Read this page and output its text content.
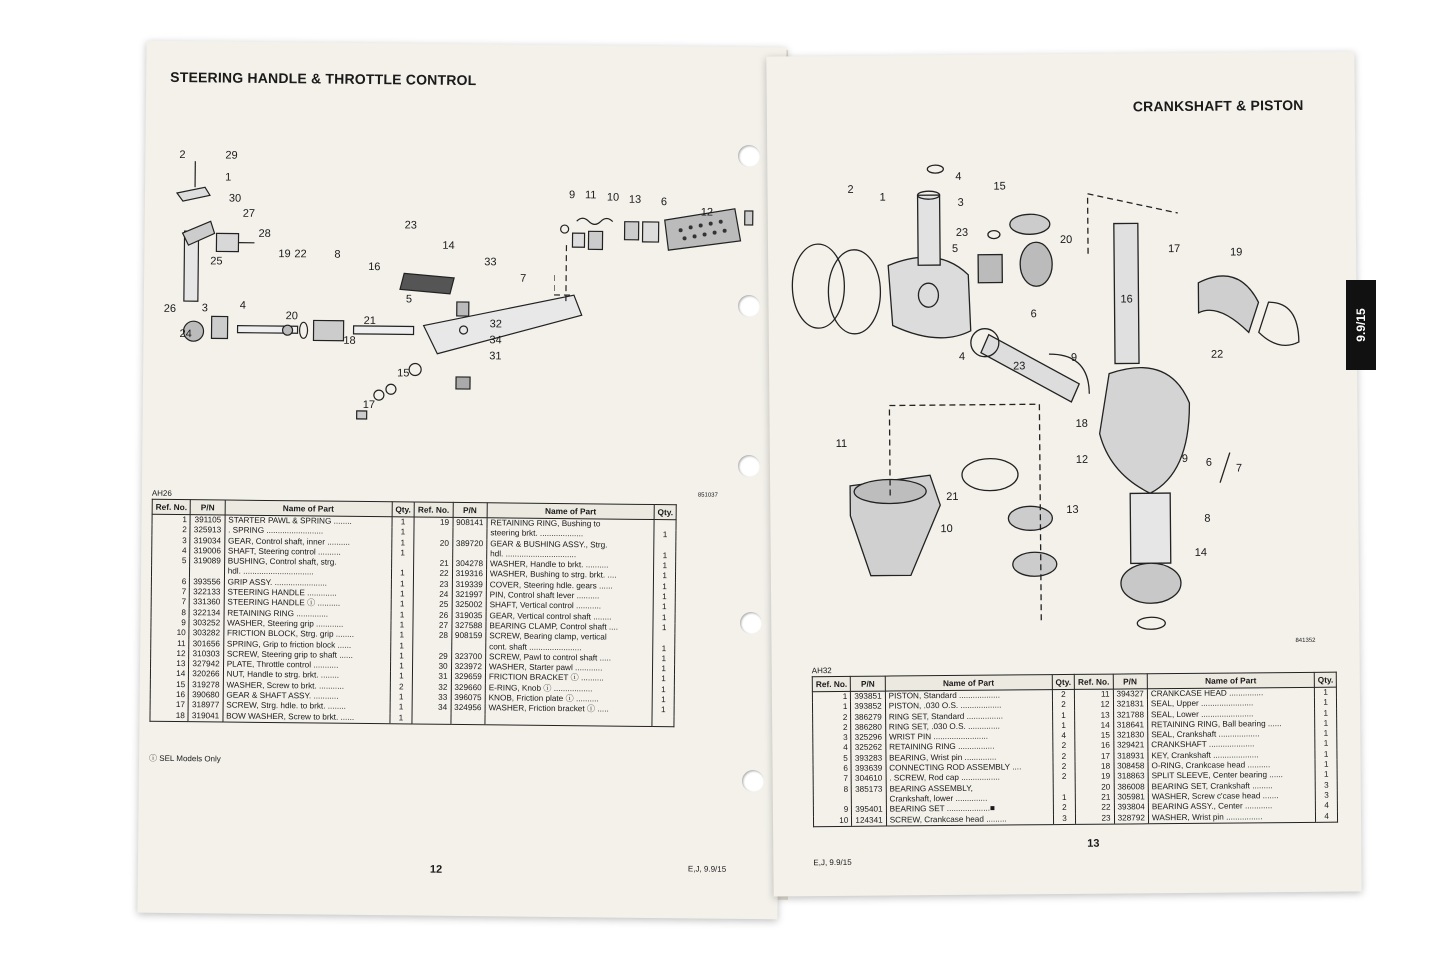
STEERING HANDLE & THROTTLE CONTROL
2	29
1
30
27
28
25
26
24
3	4
19 22
20
8
16
23
14
33
7
9 11 10 13 6
12
5
21	32
34
31
18
15
17
AH26	851037
Ref. No.	P/N	Name of Part	Qty.	Ref. No.	P/N	Name of Part	Qty.
1	391105	STARTER PAWL & SPRING ........	1	19	908141	RETAINING RING, Bushing to	
2	325913	. SPRING .........................	1			steering brkt. ...................	1
3	319034	GEAR, Control shaft, inner ..........	1	20	389720	GEAR & BUSHING ASSY., Strg.	
4	319006	SHAFT, Steering control ..........	1			hdl. ...............................	1
5	319089	BUSHING, Control shaft, strg.		21	304278	WASHER, Handle to brkt. ..........	1
		hdl. ...............................	1	22	319316	WASHER, Bushing to strg. brkt. ....	1
6	393556	GRIP ASSY. .......................	1	23	319339	COVER, Steering hdle. gears ......	1
7	322133	STEERING HANDLE .............	1	24	321997	PIN, Control shaft lever ..........	1
7	331360	STEERING HANDLE ⓘ ..........	1	25	325002	SHAFT, Vertical control ...........	1
8	322134	RETAINING RING ..............	1	26	319035	GEAR, Vertical control shaft ........	1
9	303252	WASHER, Steering grip ............	1	27	327588	BEARING CLAMP, Control shaft ....	1
10	303282	FRICTION BLOCK, Strg. grip ........	1	28	908159	SCREW, Bearing clamp, vertical	
11	301656	SPRING, Grip to friction block ......	1			cont. shaft .......................	1
12	310303	SCREW, Steering grip to shaft ......	1	29	323700	SCREW, Pawl to control shaft .....	1
13	327942	PLATE, Throttle control ...........	1	30	323972	WASHER, Starter pawl ............	1
14	320266	NUT, Handle to strg. brkt. ........	1	31	329659	FRICTION BRACKET ⓘ ..........	1
15	319278	WASHER, Screw to brkt. ...........	2	32	329660	E-RING, Knob ⓘ .................	1
16	390680	GEAR & SHAFT ASSY. ...........	1	33	396075	KNOB, Friction plate ⓘ ..........	1
17	318977	SCREW, Strg. hdle. to brkt. ........	1	34	324956	WASHER, Friction bracket ⓘ .....	1
18	319041	BOW WASHER, Screw to brkt. ......	1				
ⓘ SEL Models Only
12	E,J, 9.9/15
CRANKSHAFT & PISTON
2
1
4
3
23
5
15
20
17	19
16
22
6
9
4
23
9 6 7
11
18
12
13
21
10
8
14
AH32
841352
Ref. No.	P/N	Name of Part	Qty.	Ref. No.	P/N	Name of Part	Qty.
1	393851	PISTON, Standard ..................	2	11	394327	CRANKCASE HEAD ...............	1
1	393852	PISTON, .030 O.S. ..................	2	12	321831	SEAL, Upper .......................	1
2	386279	RING SET, Standard ................	1	13	321788	SEAL, Lower .......................	1
2	386280	RING SET, .030 O.S. ..............	1	14	318641	RETAINING RING, Ball bearing ......	1
3	325296	WRIST PIN ........................	4	15	321830	SEAL, Crankshaft ..................	1
4	325262	RETAINING RING ................	2	16	329421	CRANKSHAFT ....................	1
5	393283	BEARING, Wrist pin ..............	2	17	318931	KEY, Crankshaft ....................	1
6	393639	CONNECTING ROD ASSEMBLY ....	2	18	308458	O-RING, Crankcase head ..........	1
7	304610	. SCREW, Rod cap .................	2	19	318863	SPLIT SLEEVE, Center bearing ......	1
8	385173	BEARING ASSEMBLY,		20	386008	BEARING SET, Crankshaft .........	3
		Crankshaft, lower ..............	1	21	305981	WASHER, Screw c'case head .......	3
9	395401	BEARING SET ...................■	2	22	393804	BEARING ASSY., Center ............	4
10	124341	SCREW, Crankcase head .........	3	23	328792	WASHER, Wrist pin ................	4
13
E,J, 9.9/15
9.9/15
